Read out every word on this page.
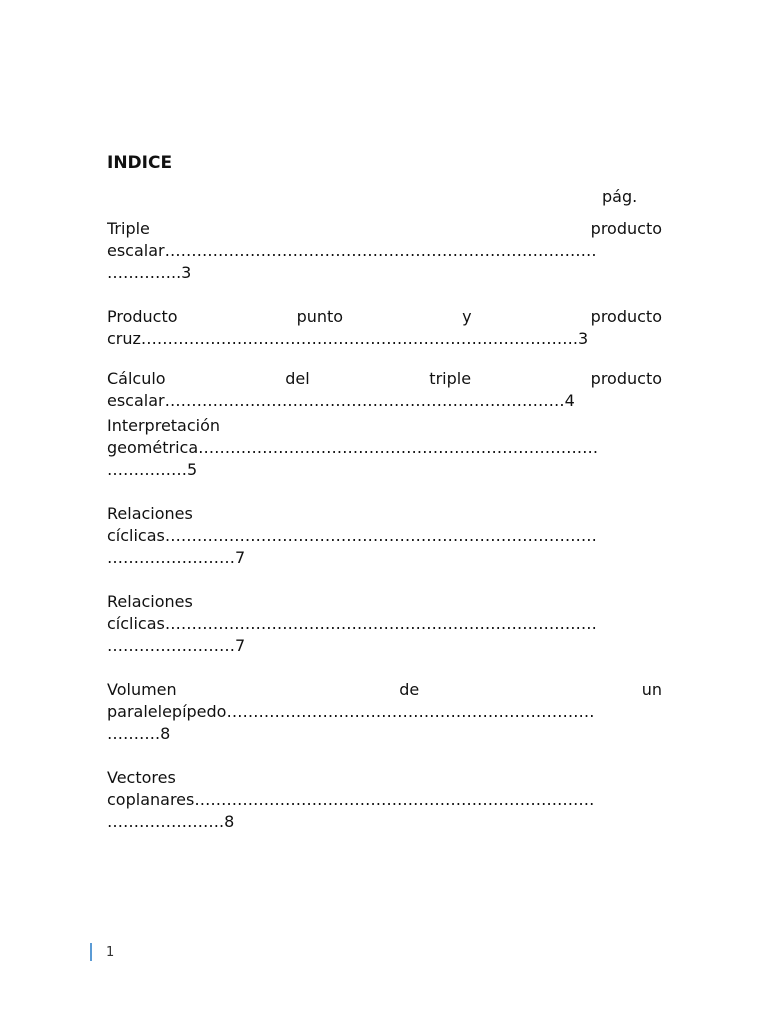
INDICE
pág.
Triple	producto
escalar………………………………………………………………………
…………..3
Producto	punto	y	producto
cruz……………………………………………………………………….3
Cálculo	del	triple	producto
escalar…………………………………………………………………4
Interpretación
geométrica…………………………………………………………………
……………5
Relaciones
cíclicas………………………………………………………………………
……………………7
Relaciones
cíclicas………………………………………………………………………
……………………7
Volumen	de	un
paralelepípedo……………………………………………………………
……….8
Vectores
coplanares…………………………………………………………………
………………….8
1
